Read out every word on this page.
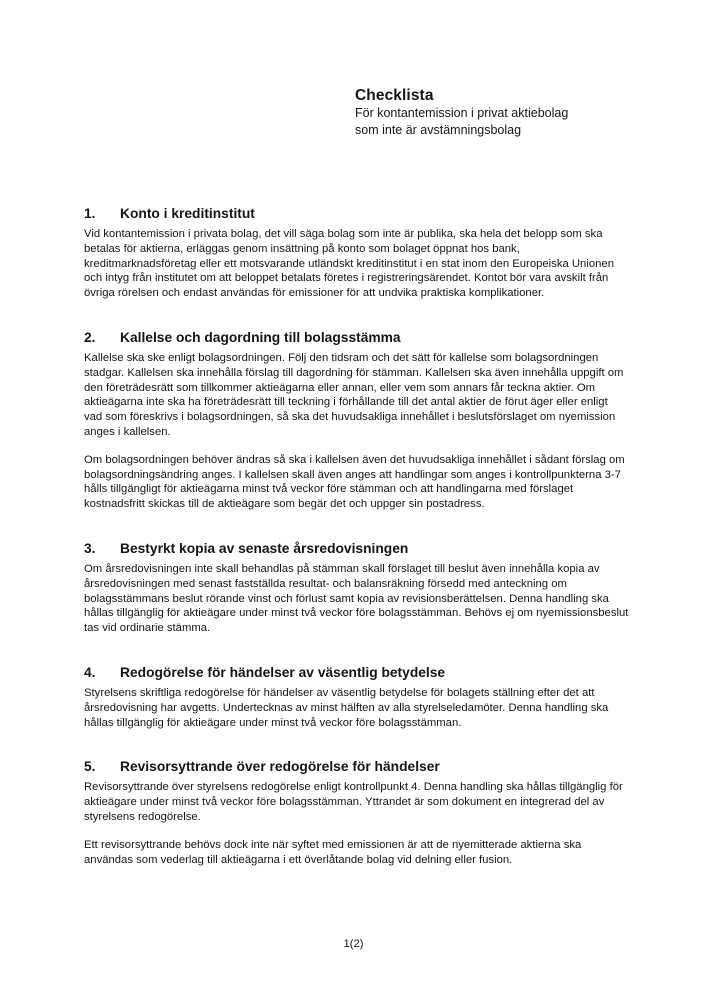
Checklista

För kontantemission i privat aktiebolag

som inte är avstämningsbolag

1.	Konto i kreditinstitut

Vid kontantemission i privata bolag, det vill säga bolag som inte är publika, ska hela det belopp som ska betalas för aktierna, erläggas genom insättning på konto som bolaget öppnat hos bank, kreditmarknadsföretag eller ett motsvarande utländskt kreditinstitut i en stat inom den Europeiska Unionen och intyg från institutet om att beloppet betalats företes i registreringsärendet. Kontot bör vara avskilt från övriga rörelsen och endast användas för emissioner för att undvika praktiska komplikationer.

2.	Kallelse och dagordning till bolagsstämma

Kallelse ska ske enligt bolagsordningen. Följ den tidsram och det sätt för kallelse som bolagsordningen stadgar. Kallelsen ska innehålla förslag till dagordning för stämman. Kallelsen ska även innehålla uppgift om den företrädesrätt som tillkommer aktieägarna eller annan, eller vem som annars får teckna aktier. Om aktieägarna inte ska ha företrädesrätt till teckning i förhållande till det antal aktier de förut äger eller enligt vad som föreskrivs i bolagsordningen, så ska det huvudsakliga innehållet i beslutsförslaget om nyemission anges i kallelsen.

Om bolagsordningen behöver ändras så ska i kallelsen även det huvudsakliga innehållet i sådant förslag om bolagsordningsändring anges. I kallelsen skall även anges att handlingar som anges i kontrollpunkterna 3-7 hålls tillgängligt för aktieägarna minst två veckor före stämman och att handlingarna med förslaget kostnadsfritt skickas till de aktieägare som begär det och uppger sin postadress.

3.	Bestyrkt kopia av senaste årsredovisningen

Om årsredovisningen inte skall behandlas på stämman skall förslaget till beslut även innehålla kopia av årsredovisningen med senast fastställda resultat- och balansräkning försedd med anteckning om bolagsstämmans beslut rörande vinst och förlust samt kopia av revisionsberättelsen. Denna handling ska hållas tillgänglig för aktieägare under minst två veckor före bolagsstämman. Behövs ej om nyemissionsbeslut tas vid ordinarie stämma.

4.	Redogörelse för händelser av väsentlig betydelse

Styrelsens skriftliga redogörelse för händelser av väsentlig betydelse för bolagets ställning efter det att årsredovisning har avgetts. Undertecknas av minst hälften av alla styrelseledamöter. Denna handling ska hållas tillgänglig för aktieägare under minst två veckor före bolagsstämman.

5.	Revisorsyttrande över redogörelse för händelser

Revisorsyttrande över styrelsens redogörelse enligt kontrollpunkt 4. Denna handling ska hållas tillgänglig för aktieägare under minst två veckor före bolagsstämman. Yttrandet är som dokument en integrerad del av styrelsens redogörelse.

Ett revisorsyttrande behövs dock inte när syftet med emissionen är att de nyemitterade aktierna ska användas som vederlag till aktieägarna i ett överlåtande bolag vid delning eller fusion.

1(2)
